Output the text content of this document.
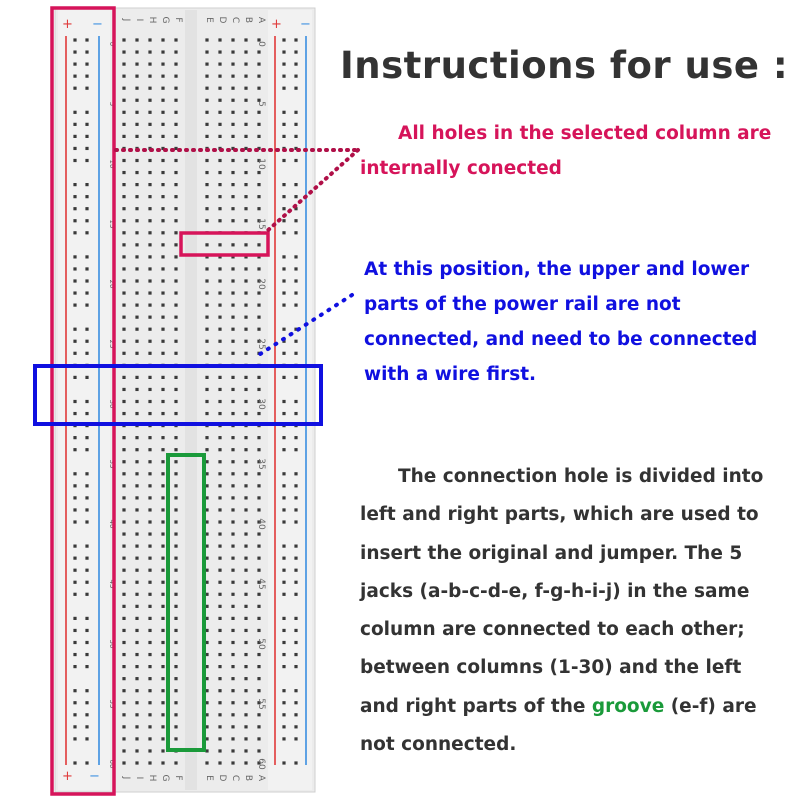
+ −
+ −
+ −
J
J
I
I
H
H
G
G
F
F
E
E
D
D
C
C
B
B
A
A
0
0
5
5
10
10
15
15
20
20
25
25
30
30
35
35
40
40
45
45
50
50
55
55
60
60
Instructions for use :
All holes in the selected column are
internally conected
At this position, the upper and lower
parts of the power rail are not
connected, and need to be connected
with a wire first.
The connection hole is divided into
left and right parts, which are used to
insert the original and jumper. The 5
jacks (a-b-c-d-e, f-g-h-i-j) in the same
column are connected to each other;
between columns (1-30) and the left
and right parts of the groove (e-f) are
not connected.
